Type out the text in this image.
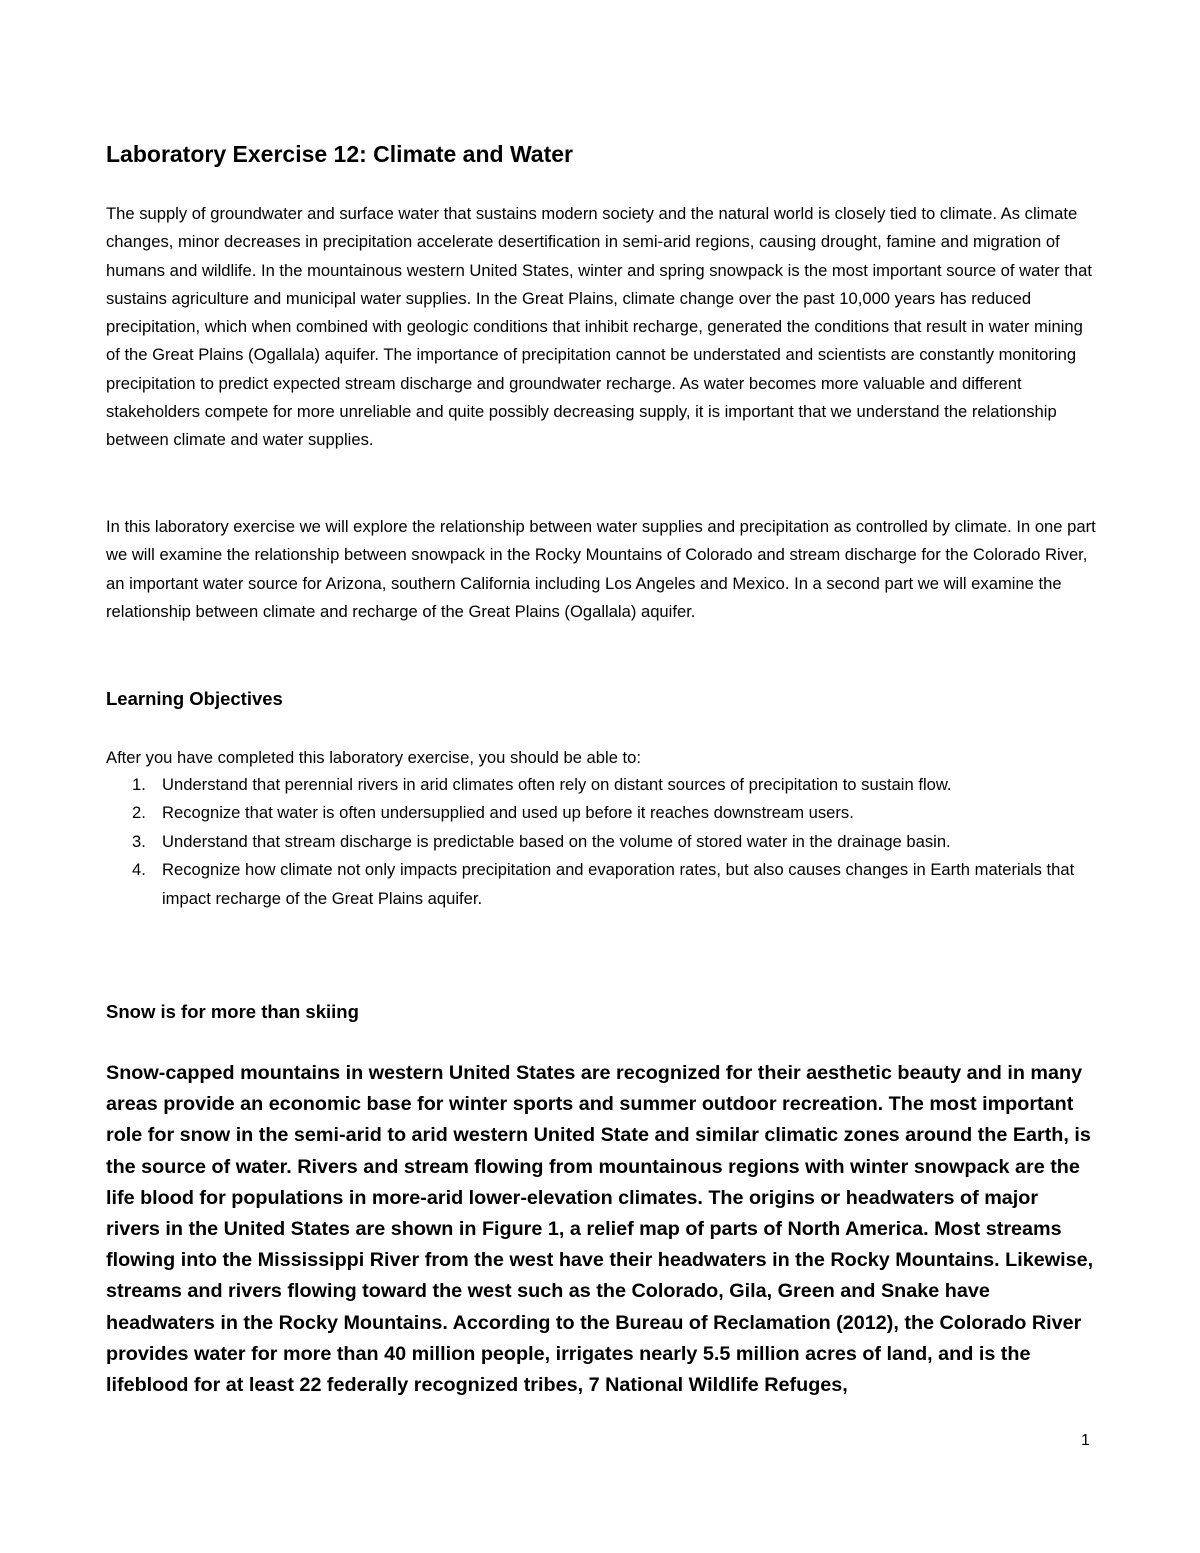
Laboratory Exercise 12: Climate and Water

The supply of groundwater and surface water that sustains modern society and the natural world is closely tied to climate. As climate changes, minor decreases in precipitation accelerate desertification in semi-arid regions, causing drought, famine and migration of humans and wildlife. In the mountainous western United States, winter and spring snowpack is the most important source of water that sustains agriculture and municipal water supplies. In the Great Plains, climate change over the past 10,000 years has reduced precipitation, which when combined with geologic conditions that inhibit recharge, generated the conditions that result in water mining of the Great Plains (Ogallala) aquifer. The importance of precipitation cannot be understated and scientists are constantly monitoring precipitation to predict expected stream discharge and groundwater recharge. As water becomes more valuable and different stakeholders compete for more unreliable and quite possibly decreasing supply, it is important that we understand the relationship between climate and water supplies.

In this laboratory exercise we will explore the relationship between water supplies and precipitation as controlled by climate. In one part we will examine the relationship between snowpack in the Rocky Mountains of Colorado and stream discharge for the Colorado River, an important water source for Arizona, southern California including Los Angeles and Mexico. In a second part we will examine the relationship between climate and recharge of the Great Plains (Ogallala) aquifer.

Learning Objectives
After you have completed this laboratory exercise, you should be able to:
1. Understand that perennial rivers in arid climates often rely on distant sources of precipitation to sustain flow.
2. Recognize that water is often undersupplied and used up before it reaches downstream users.
3. Understand that stream discharge is predictable based on the volume of stored water in the drainage basin.
4. Recognize how climate not only impacts precipitation and evaporation rates, but also causes changes in Earth materials that impact recharge of the Great Plains aquifer.
Snow is for more than skiing

Snow-capped mountains in western United States are recognized for their aesthetic beauty and in many areas provide an economic base for winter sports and summer outdoor recreation. The most important role for snow in the semi-arid to arid western United State and similar climatic zones around the Earth, is the source of water. Rivers and stream flowing from mountainous regions with winter snowpack are the life blood for populations in more-arid lower-elevation climates. The origins or headwaters of major rivers in the United States are shown in Figure 1, a relief map of parts of North America. Most streams flowing into the Mississippi River from the west have their headwaters in the Rocky Mountains. Likewise, streams and rivers flowing toward the west such as the Colorado, Gila, Green and Snake have headwaters in the Rocky Mountains. According to the Bureau of Reclamation (2012), the Colorado River provides water for more than 40 million people, irrigates nearly 5.5 million acres of land, and is the lifeblood for at least 22 federally recognized tribes, 7 National Wildlife Refuges,

1
